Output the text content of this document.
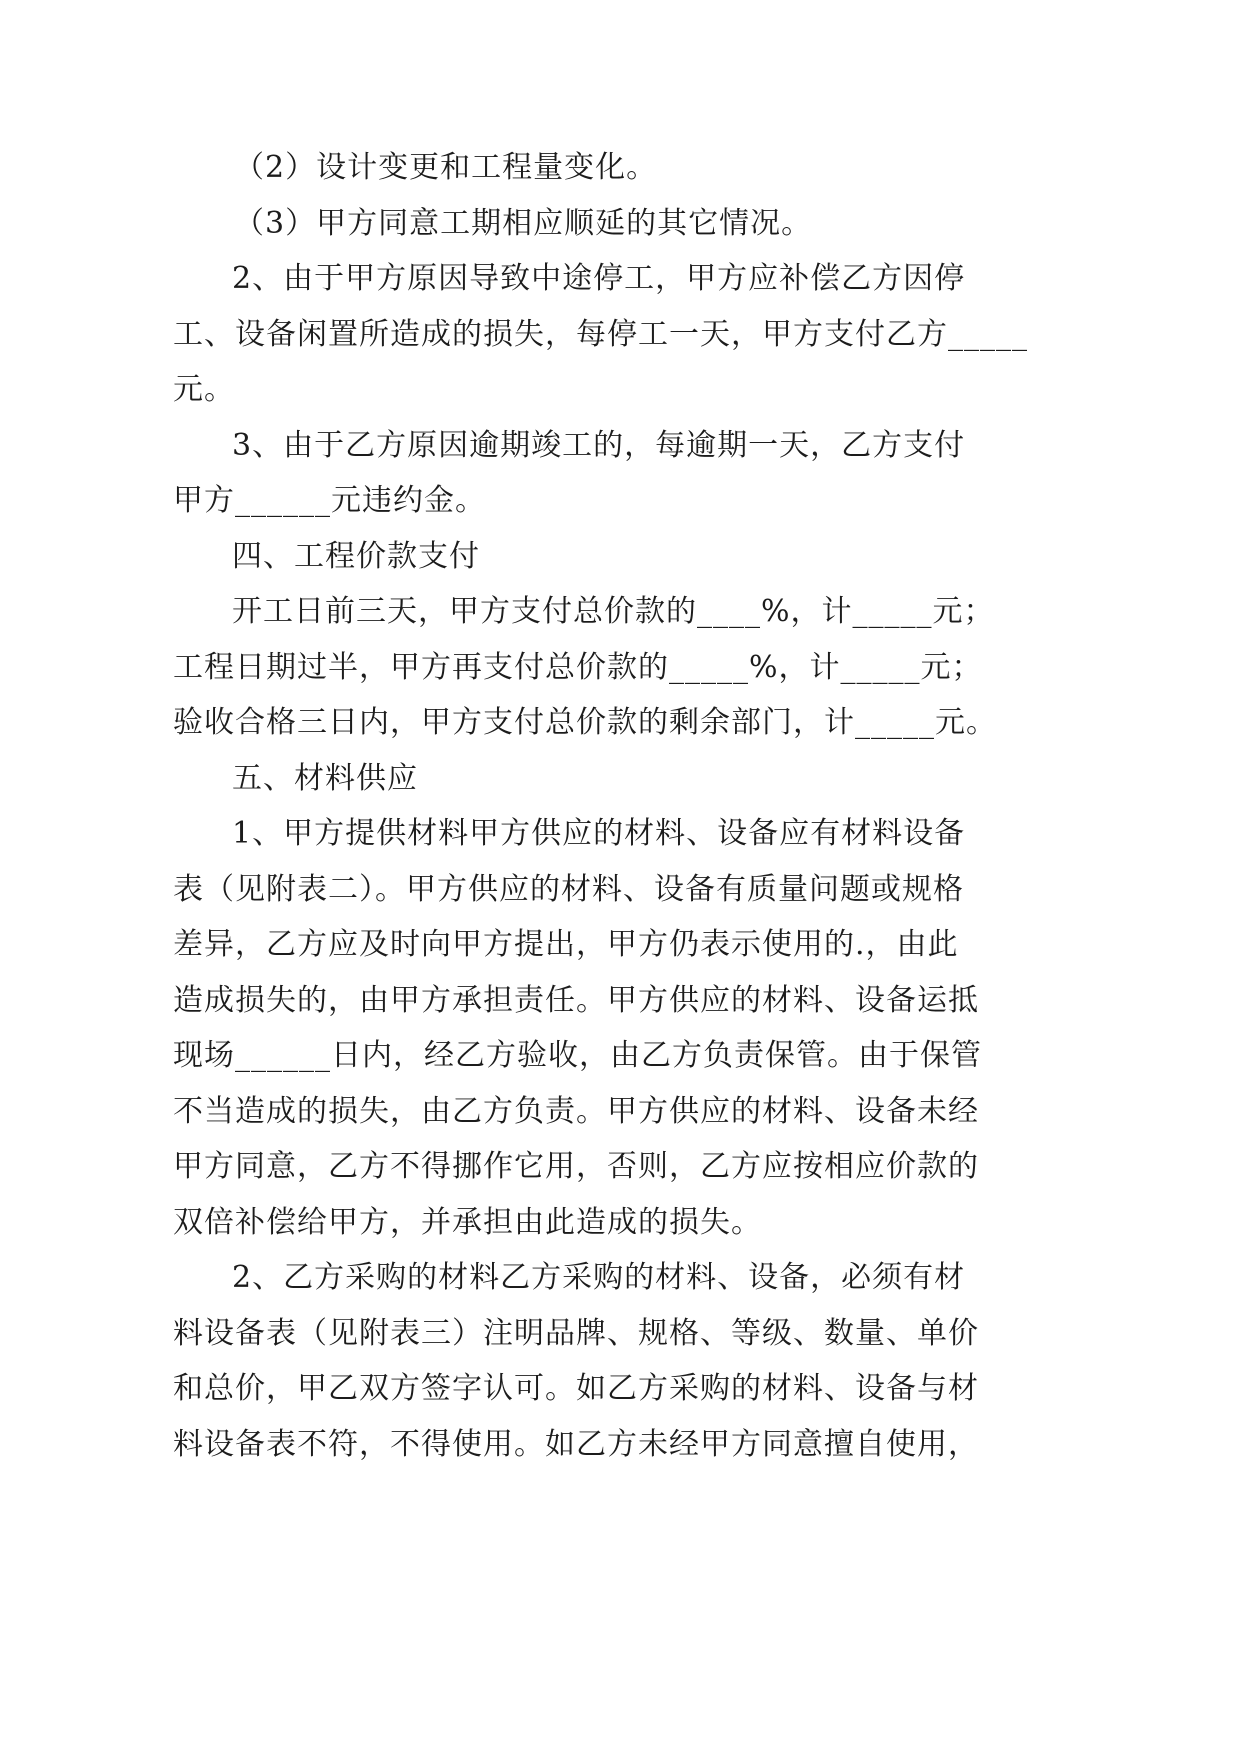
（2）设计变更和工程量变化。

（3）甲方同意工期相应顺延的其它情况。

2、由于甲方原因导致中途停工，甲方应补偿乙方因停

工、设备闲置所造成的损失，每停工一天，甲方支付乙方_____

元。

3、由于乙方原因逾期竣工的，每逾期一天，乙方支付

甲方______元违约金。

四、工程价款支付

开工日前三天，甲方支付总价款的____%，计_____元；

工程日期过半，甲方再支付总价款的_____%，计_____元；

验收合格三日内，甲方支付总价款的剩余部门，计_____元。

五、材料供应

1、甲方提供材料甲方供应的材料、设备应有材料设备

表（见附表二）。甲方供应的材料、设备有质量问题或规格

差异，乙方应及时向甲方提出，甲方仍表示使用的.，由此

造成损失的，由甲方承担责任。甲方供应的材料、设备运抵

现场______日内，经乙方验收，由乙方负责保管。由于保管

不当造成的损失，由乙方负责。甲方供应的材料、设备未经

甲方同意，乙方不得挪作它用，否则，乙方应按相应价款的

双倍补偿给甲方，并承担由此造成的损失。

2、乙方采购的材料乙方采购的材料、设备，必须有材

料设备表（见附表三）注明品牌、规格、等级、数量、单价

和总价，甲乙双方签字认可。如乙方采购的材料、设备与材

料设备表不符，不得使用。如乙方未经甲方同意擅自使用，
